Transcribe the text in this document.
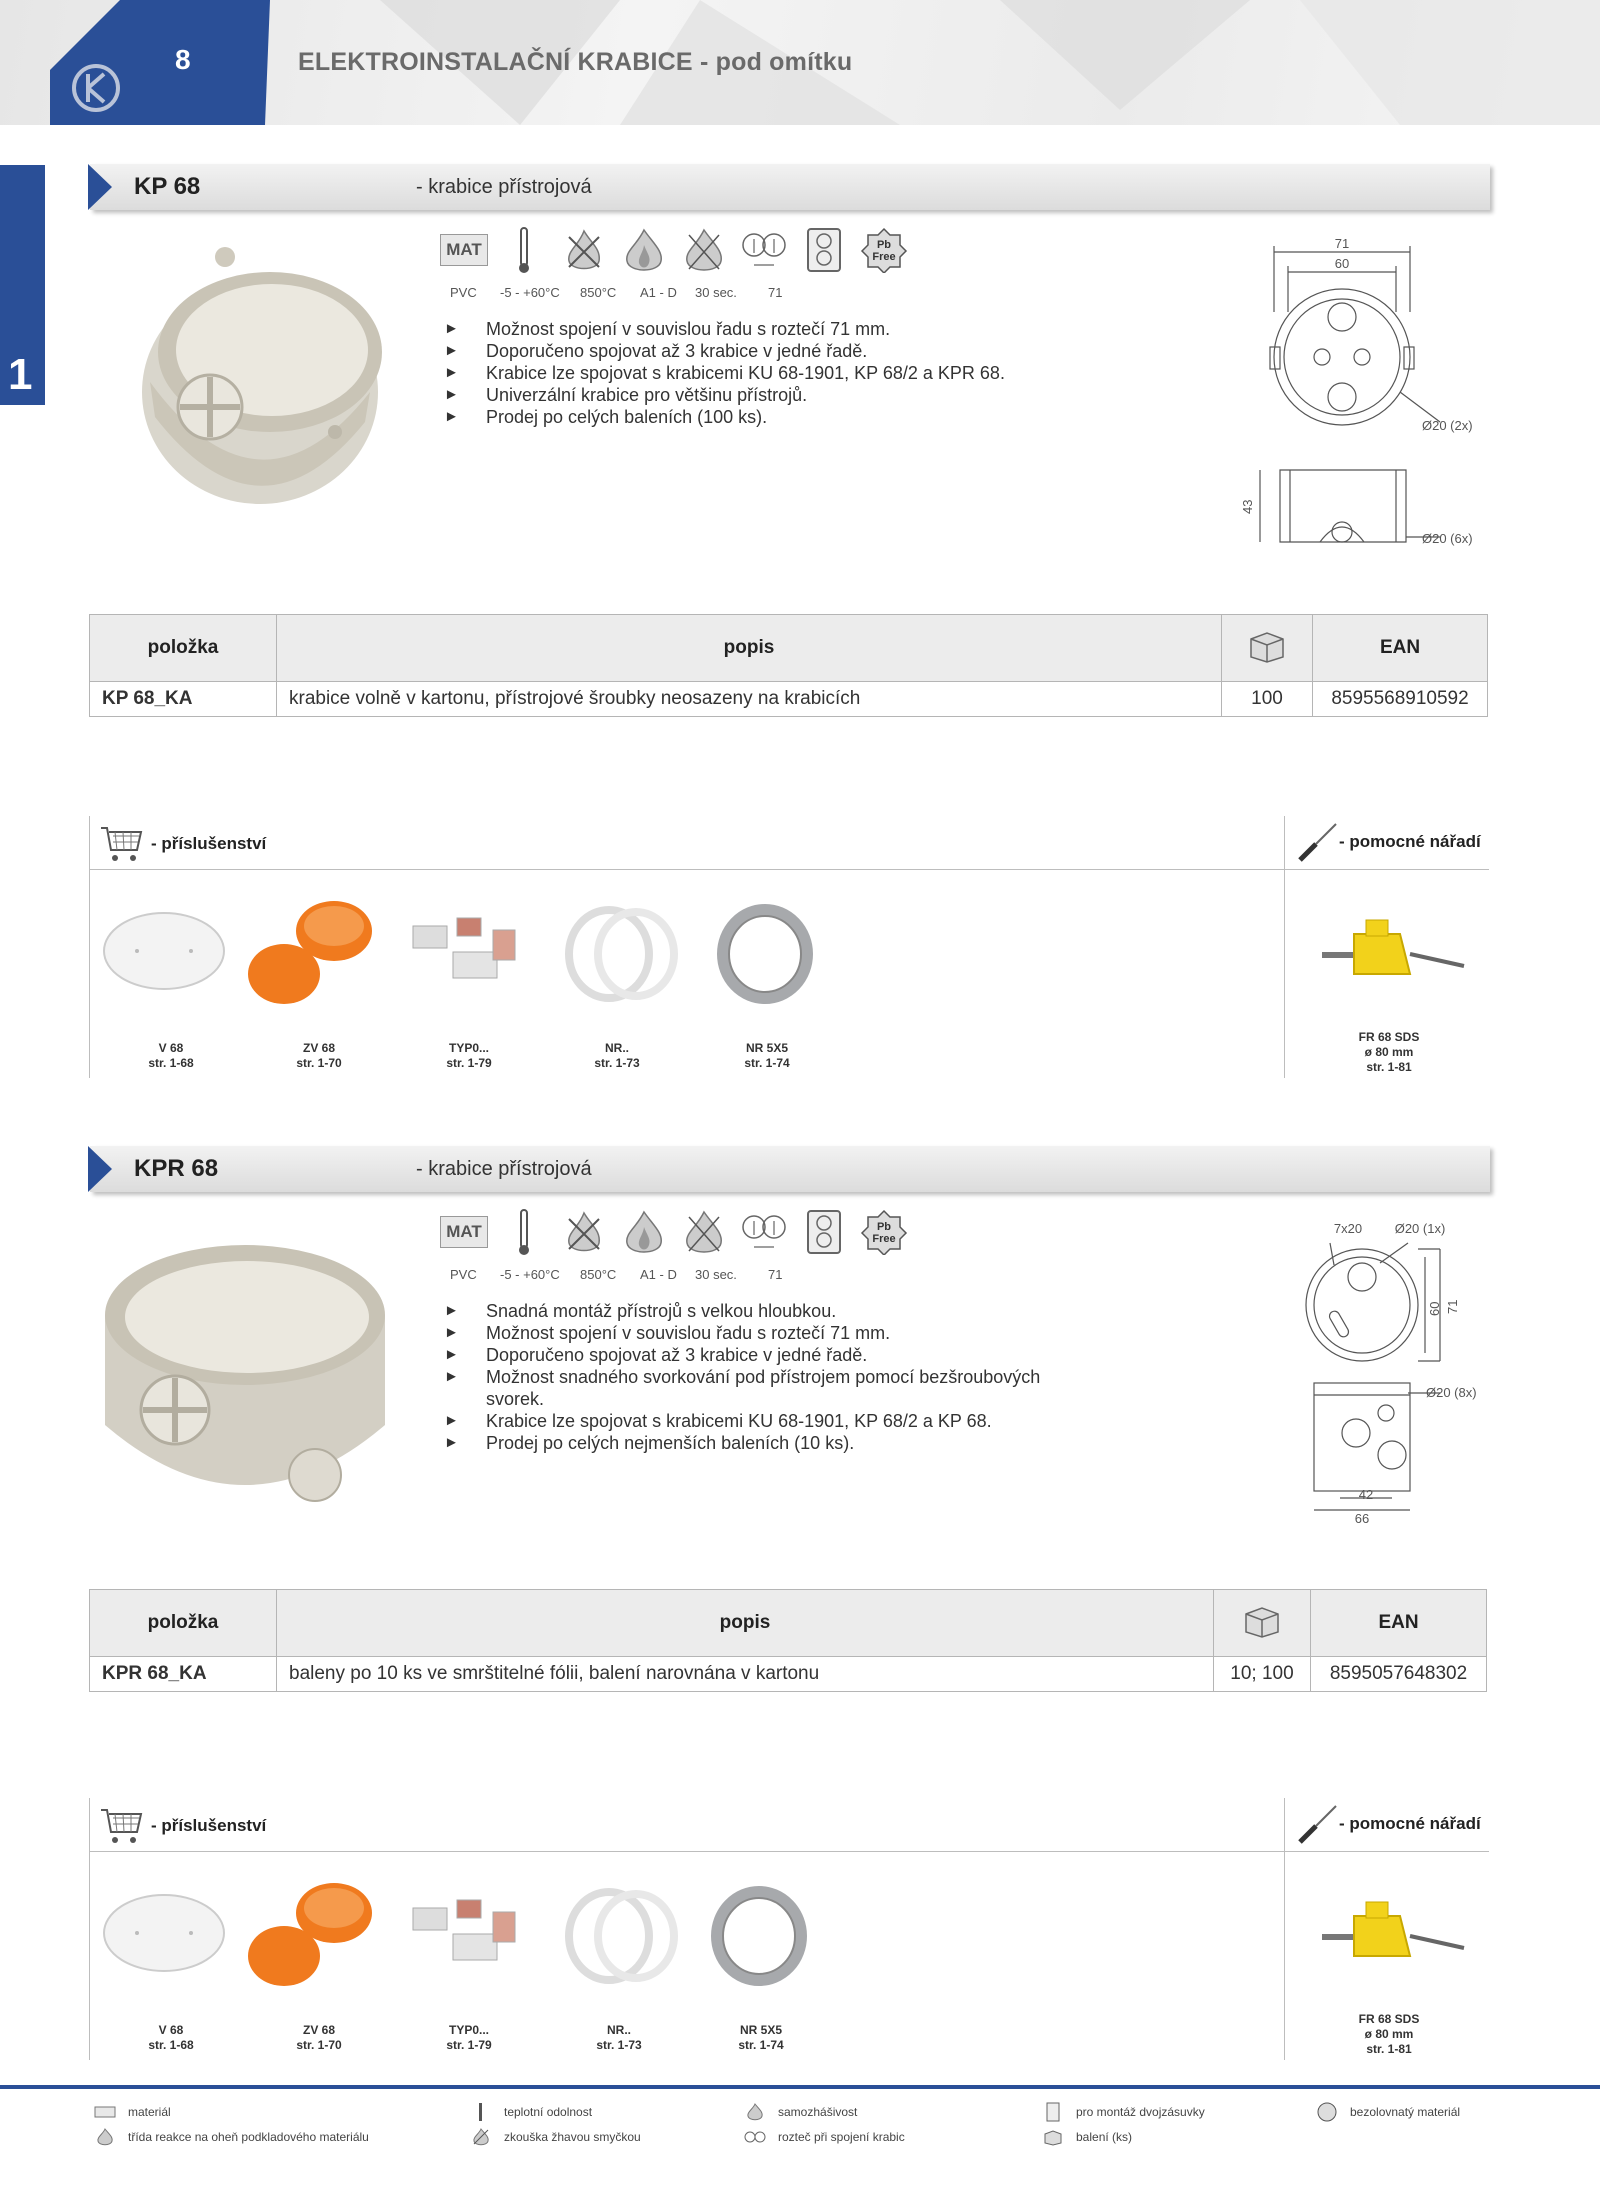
8	ELEKTROINSTALAČNÍ KRABICE - pod omítku
1
KP 68	- krabice přístrojová
MAT	Pb
Free
PVC -5 - +60°C 850°C A1 - D 30 sec. 71
► Možnost spojení v souvislou řadu s roztečí 71 mm.
► Doporučeno spojovat až 3 krabice v jedné řadě.
► Krabice lze spojovat s krabicemi KU 68-1901, KP 68/2 a KPR 68.
► Univerzální krabice pro většinu přístrojů.
► Prodej po celých baleních (100 ks).
71
60
Ø20 (2x)
43
Ø20 (6x)
položka	popis		EAN
KP 68_KA	krabice volně v kartonu, přístrojové šroubky neosazeny na krabicích	100	8595568910592
- příslušenství	- pomocné nářadí
V 68
str. 1-68
ZV 68
str. 1-70
TYP0...
str. 1-79
NR..
str. 1-73
NR 5X5
str. 1-74
FR 68 SDS
ø 80 mm
str. 1-81
KPR 68	- krabice přístrojová
MAT	Pb
Free
PVC -5 - +60°C 850°C A1 - D 30 sec. 71
► Snadná montáž přístrojů s velkou hloubkou.
► Možnost spojení v souvislou řadu s roztečí 71 mm.
► Doporučeno spojovat až 3 krabice v jedné řadě.
► Možnost snadného svorkování pod přístrojem pomocí bezšroubových svorek.
► Krabice lze spojovat s krabicemi KU 68-1901, KP 68/2 a KP 68.
► Prodej po celých nejmenších baleních (10 ks).
7x20	Ø20 (1x)
60 71
Ø20 (8x)
42
66
položka	popis		EAN
KPR 68_KA	baleny po 10 ks ve smrštitelné fólii, balení narovnána v kartonu	10; 100	8595057648302
- příslušenství	- pomocné nářadí
V 68
str. 1-68
ZV 68
str. 1-70
TYP0...
str. 1-79
NR..
str. 1-73
NR 5X5
str. 1-74
FR 68 SDS
ø 80 mm
str. 1-81
materiál	teplotní odolnost	samozhášivost	pro montáž dvojzásuvky	bezolovnatý materiál
třída reakce na oheň podkladového materiálu	zkouška žhavou smyčkou	rozteč při spojení krabic	balení (ks)
